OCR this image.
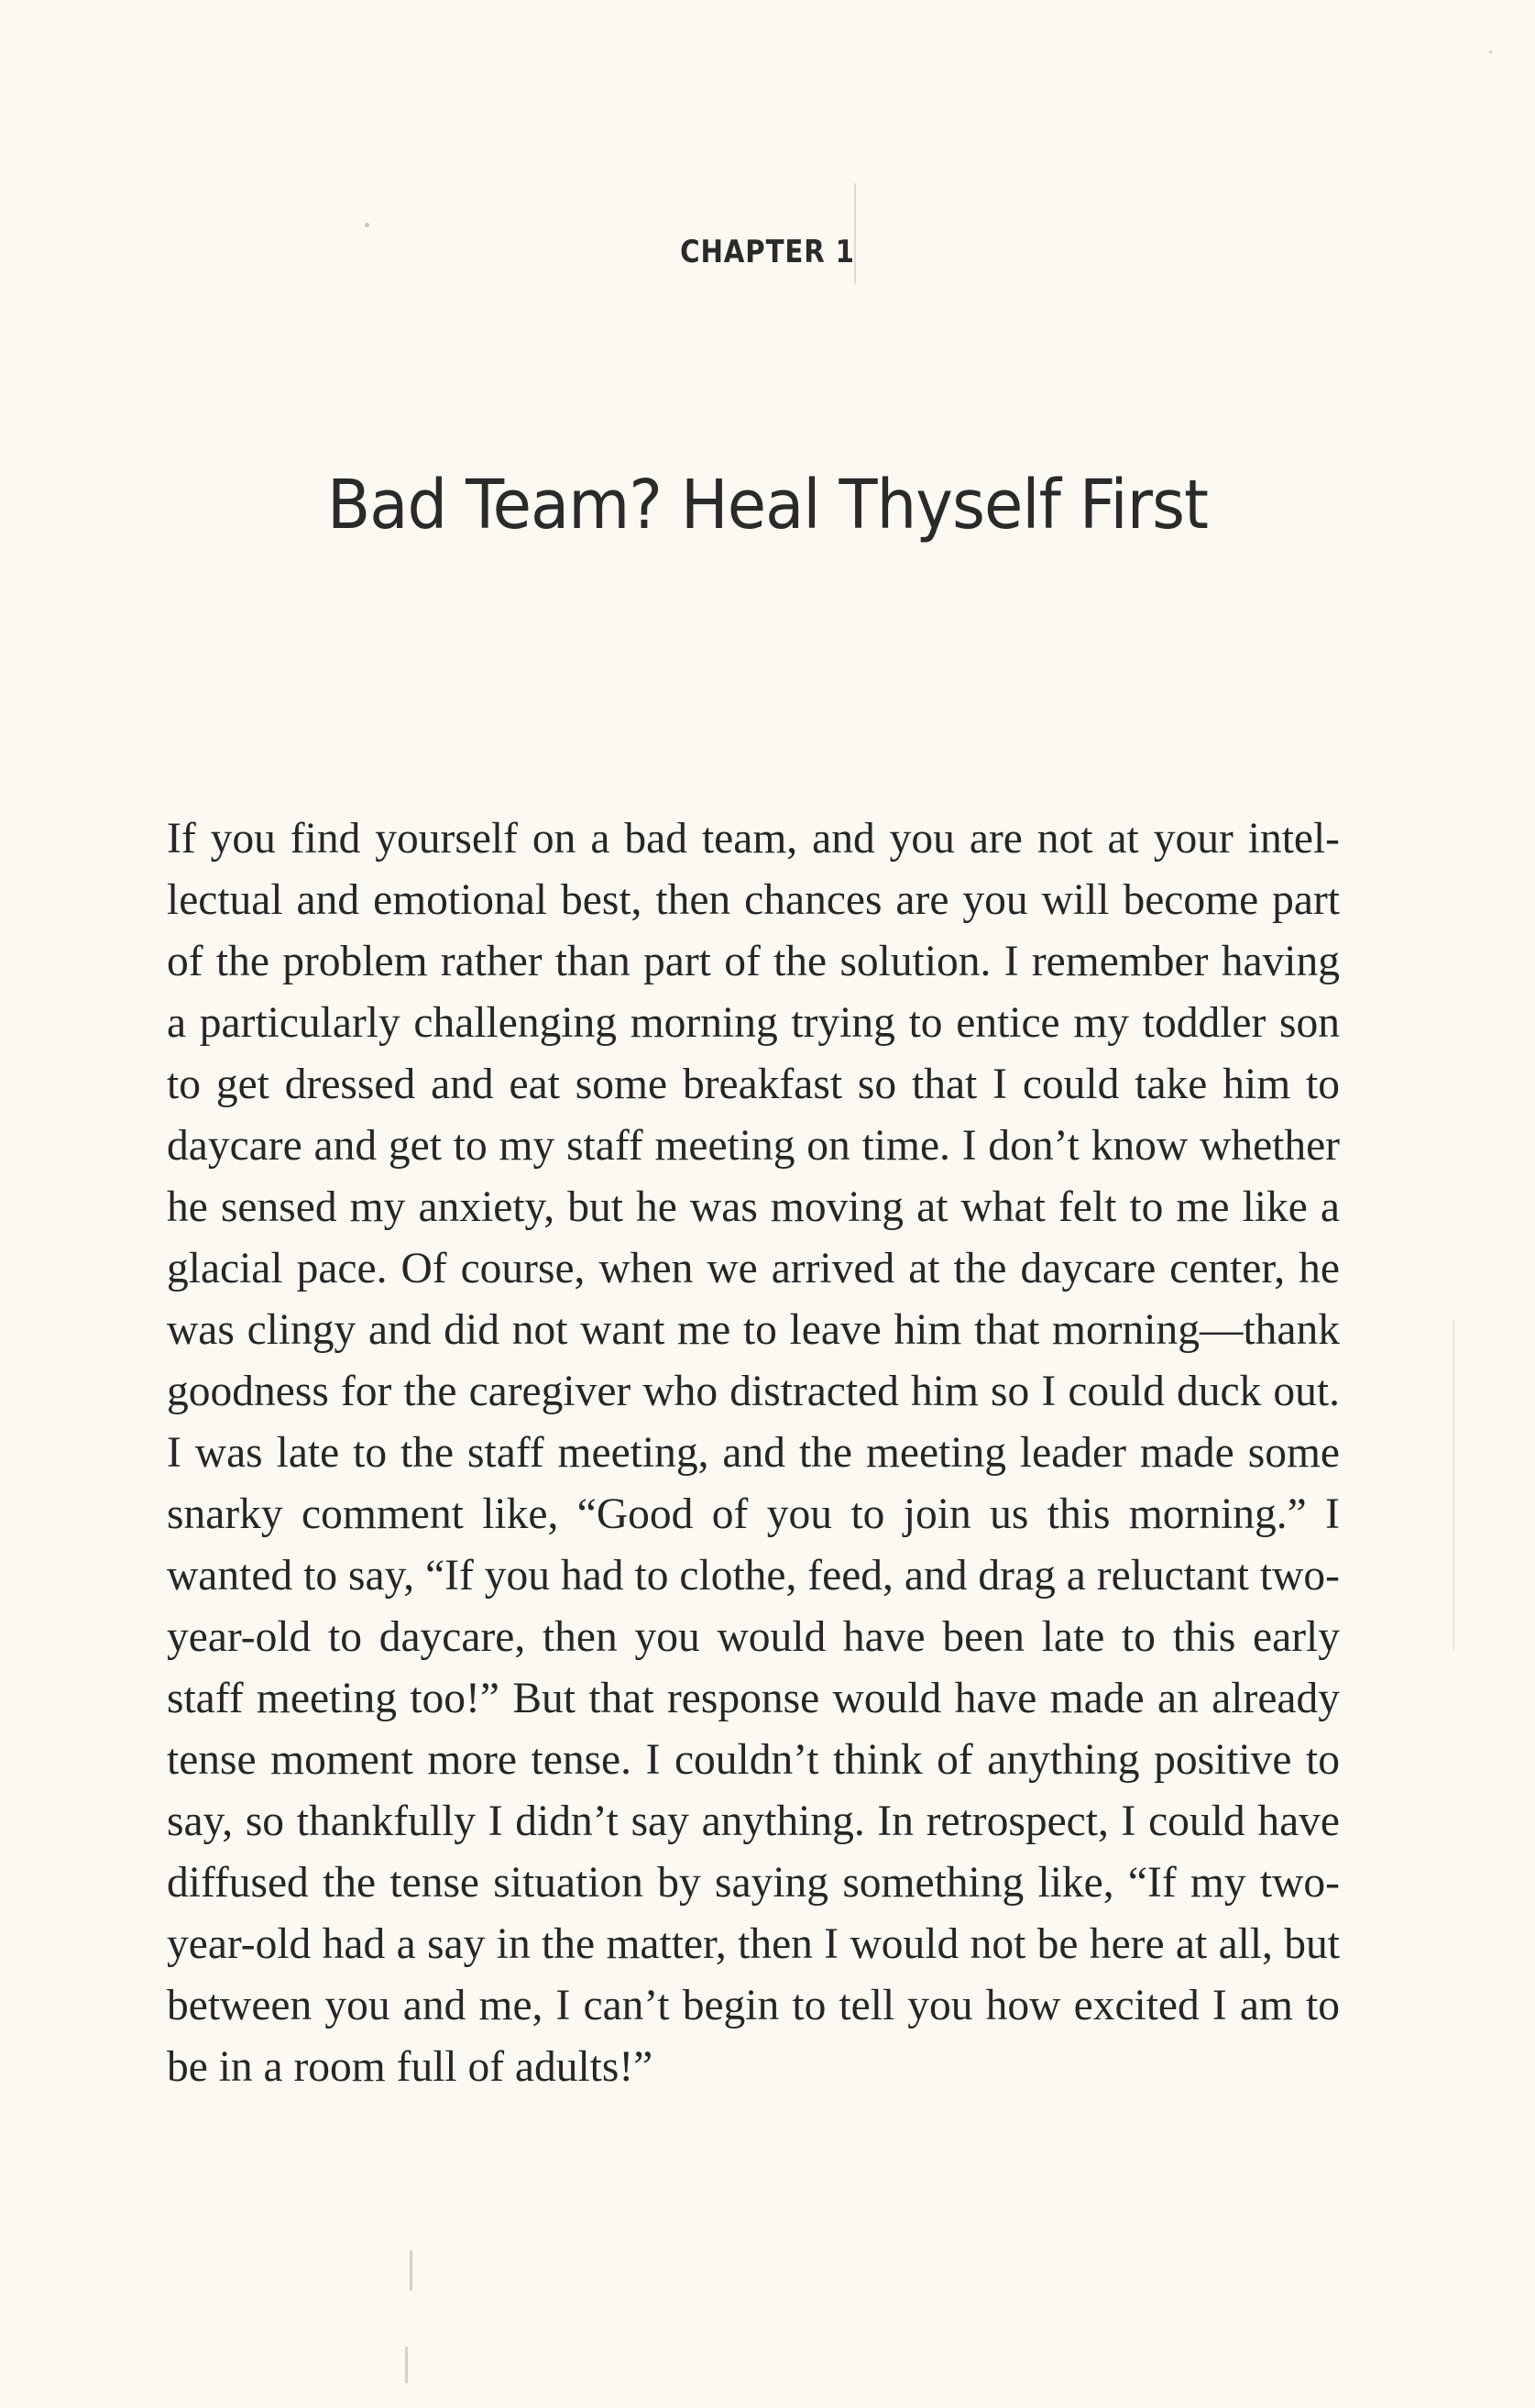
CHAPTER 1
Bad Team? Heal Thyself First

If you find yourself on a bad team, and you are not at your intellectual and emotional best, then chances are you will become part of the problem rather than part of the solution. I remember having a particularly challenging morning trying to entice my toddler son to get dressed and eat some breakfast so that I could take him to daycare and get to my staff meeting on time. I don’t know whether he sensed my anxiety, but he was moving at what felt to me like a glacial pace. Of course, when we arrived at the daycare center, he was clingy and did not want me to leave him that morning—thank goodness for the caregiver who distracted him so I could duck out. I was late to the staff meeting, and the meeting leader made some snarky comment like, “Good of you to join us this morning.” I wanted to say, “If you had to clothe, feed, and drag a reluctant two-year-old to daycare, then you would have been late to this early staff meeting too!” But that response would have made an already tense moment more tense. I couldn’t think of anything positive to say, so thankfully I didn’t say anything. In retrospect, I could have diffused the tense situation by saying something like, “If my two-year-old had a say in the matter, then I would not be here at all, but between you and me, I can’t begin to tell you how excited I am to be in a room full of adults!”
